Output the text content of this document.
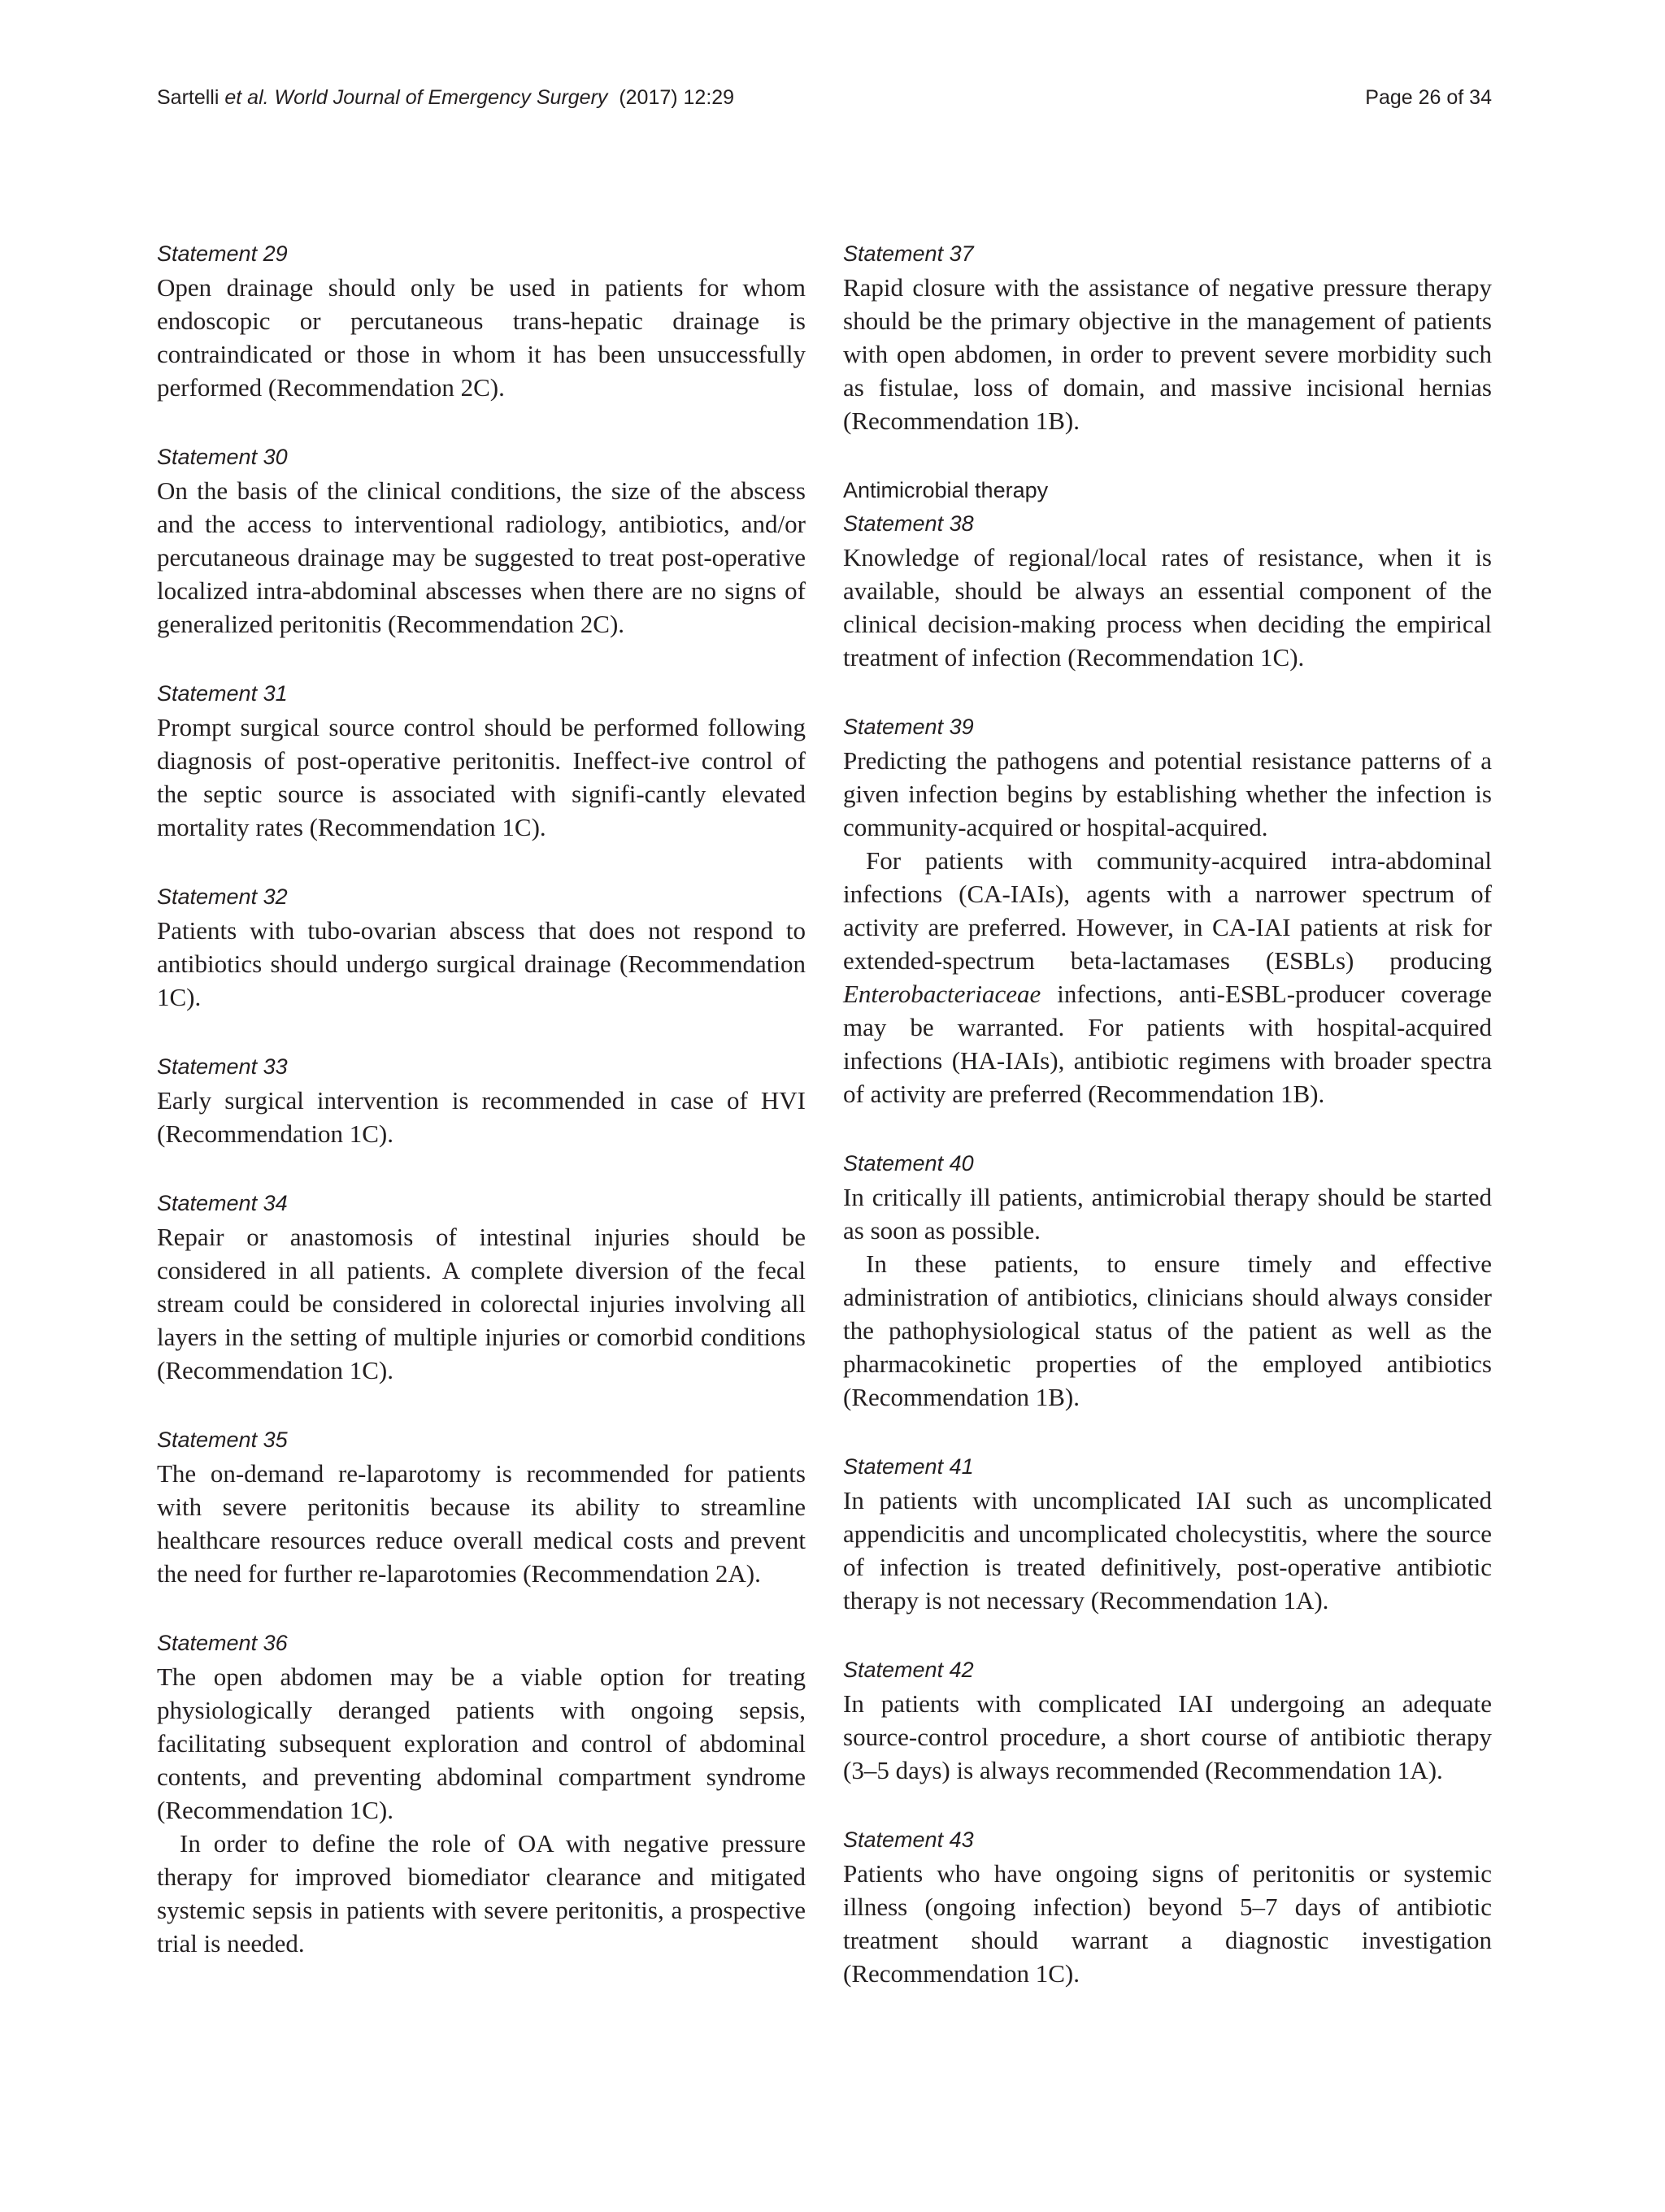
Sartelli et al. World Journal of Emergency Surgery  (2017) 12:29	Page 26 of 34
Statement 29

Open drainage should only be used in patients for whom endoscopic or percutaneous trans-hepatic drainage is contraindicated or those in whom it has been unsuccessfully performed (Recommendation 2C).

Statement 30

On the basis of the clinical conditions, the size of the abscess and the access to interventional radiology, antibiotics, and/or percutaneous drainage may be suggested to treat post-operative localized intra-abdominal abscesses when there are no signs of generalized peritonitis (Recommendation 2C).

Statement 31

Prompt surgical source control should be performed following diagnosis of post-operative peritonitis. Ineffect-ive control of the septic source is associated with signifi-cantly elevated mortality rates (Recommendation 1C).

Statement 32

Patients with tubo-ovarian abscess that does not respond to antibiotics should undergo surgical drainage (Recommendation 1C).

Statement 33

Early surgical intervention is recommended in case of HVI (Recommendation 1C).

Statement 34

Repair or anastomosis of intestinal injuries should be considered in all patients. A complete diversion of the fecal stream could be considered in colorectal injuries involving all layers in the setting of multiple injuries or comorbid conditions (Recommendation 1C).

Statement 35

The on-demand re-laparotomy is recommended for patients with severe peritonitis because its ability to streamline healthcare resources reduce overall medical costs and prevent the need for further re-laparotomies (Recommendation 2A).

Statement 36

The open abdomen may be a viable option for treating physiologically deranged patients with ongoing sepsis, facilitating subsequent exploration and control of abdominal contents, and preventing abdominal compartment syndrome (Recommendation 1C).

In order to define the role of OA with negative pressure therapy for improved biomediator clearance and mitigated systemic sepsis in patients with severe peritonitis, a prospective trial is needed.

Statement 37

Rapid closure with the assistance of negative pressure therapy should be the primary objective in the management of patients with open abdomen, in order to prevent severe morbidity such as fistulae, loss of domain, and massive incisional hernias (Recommendation 1B).

Antimicrobial therapy
Statement 38

Knowledge of regional/local rates of resistance, when it is available, should be always an essential component of the clinical decision-making process when deciding the empirical treatment of infection (Recommendation 1C).

Statement 39

Predicting the pathogens and potential resistance patterns of a given infection begins by establishing whether the infection is community-acquired or hospital-acquired.

For patients with community-acquired intra-abdominal infections (CA-IAIs), agents with a narrower spectrum of activity are preferred. However, in CA-IAI patients at risk for extended-spectrum beta-lactamases (ESBLs) producing Enterobacteriaceae infections, anti-ESBL-producer coverage may be warranted. For patients with hospital-acquired infections (HA-IAIs), antibiotic regimens with broader spectra of activity are preferred (Recommendation 1B).

Statement 40

In critically ill patients, antimicrobial therapy should be started as soon as possible.

In these patients, to ensure timely and effective administration of antibiotics, clinicians should always consider the pathophysiological status of the patient as well as the pharmacokinetic properties of the employed antibiotics (Recommendation 1B).

Statement 41

In patients with uncomplicated IAI such as uncomplicated appendicitis and uncomplicated cholecystitis, where the source of infection is treated definitively, post-operative antibiotic therapy is not necessary (Recommendation 1A).

Statement 42

In patients with complicated IAI undergoing an adequate source-control procedure, a short course of antibiotic therapy (3–5 days) is always recommended (Recommendation 1A).

Statement 43

Patients who have ongoing signs of peritonitis or systemic illness (ongoing infection) beyond 5–7 days of antibiotic treatment should warrant a diagnostic investigation (Recommendation 1C).
